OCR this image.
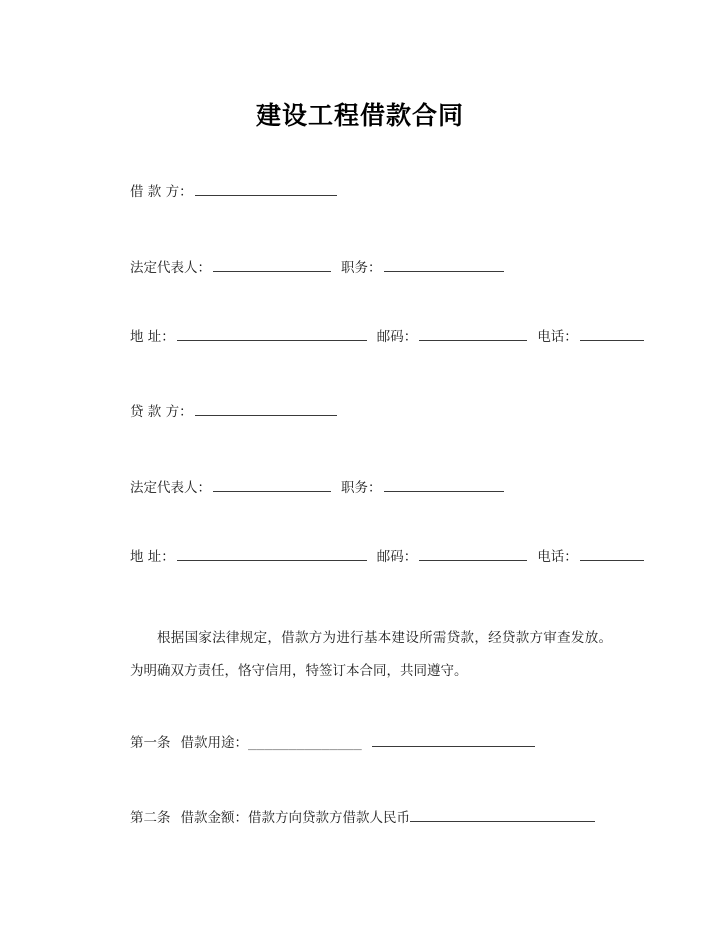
建设工程借款合同
借 款 方：
法定代表人：	职务：
地 址：	邮码：	电话：
贷 款 方：
法定代表人：	职务：
地 址：	邮码：	电话：
根据国家法律规定，借款方为进行基本建设所需贷款，经贷款方审查发放。为明确双方责任，恪守信用，特签订本合同，共同遵守。
第一条 借款用途： ______________
第二条 借款金额：借款方向贷款方借款人民币
